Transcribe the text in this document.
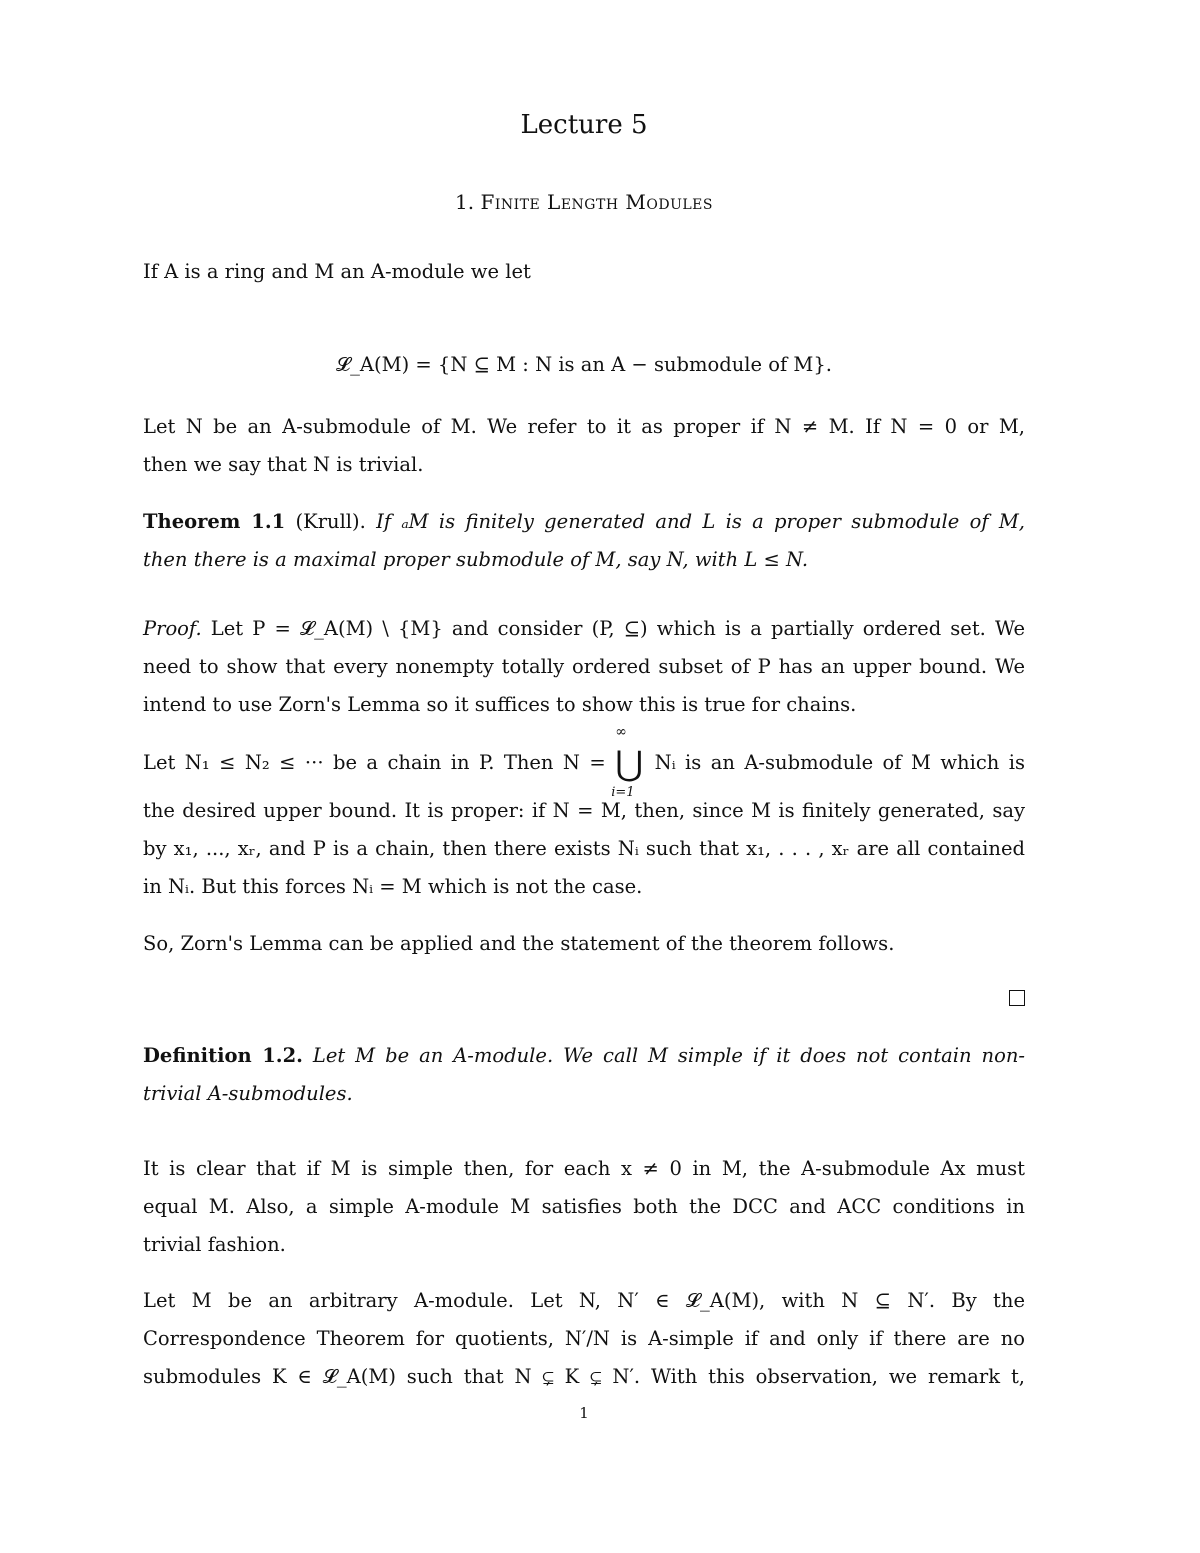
Lecture 5
1. Finite Length Modules

If A is a ring and M an A-module we let

𝓛_A(M) = {N ⊆ M : N is an A − submodule of M}.

Let N be an A-submodule of M. We refer to it as proper if N ≠ M. If N = 0 or M,

then we say that N is trivial.

Theorem 1.1 (Krull). If ₐM is finitely generated and L is a proper submodule of M,

then there is a maximal proper submodule of M, say N, with L ≤ N.

Proof. Let P = 𝓛_A(M) \ {M} and consider (P, ⊆) which is a partially ordered set. We

need to show that every nonempty totally ordered subset of P has an upper bound. We

intend to use Zorn's Lemma so it suffices to show this is true for chains.

Let N₁ ≤ N₂ ≤ ··· be a chain in P. Then N =
∞
⋃
i=1
Nᵢ is an A-submodule of M which is

the desired upper bound. It is proper: if N = M, then, since M is finitely generated, say

by x₁, ..., xᵣ, and P is a chain, then there exists Nᵢ such that x₁, . . . , xᵣ are all contained

in Nᵢ. But this forces Nᵢ = M which is not the case.

So, Zorn's Lemma can be applied and the statement of the theorem follows.

Definition 1.2. Let M be an A-module. We call M simple if it does not contain non-

trivial A-submodules.

It is clear that if M is simple then, for each x ≠ 0 in M, the A-submodule Ax must

equal M. Also, a simple A-module M satisfies both the DCC and ACC conditions in

trivial fashion.

Let M be an arbitrary A-module. Let N, N′ ∈ 𝓛_A(M), with N ⊆ N′. By the

Correspondence Theorem for quotients, N′/N is A-simple if and only if there are no

submodules K ∈ 𝓛_A(M) such that N ⊊ K ⊊ N′. With this observation, we remark t,

1
